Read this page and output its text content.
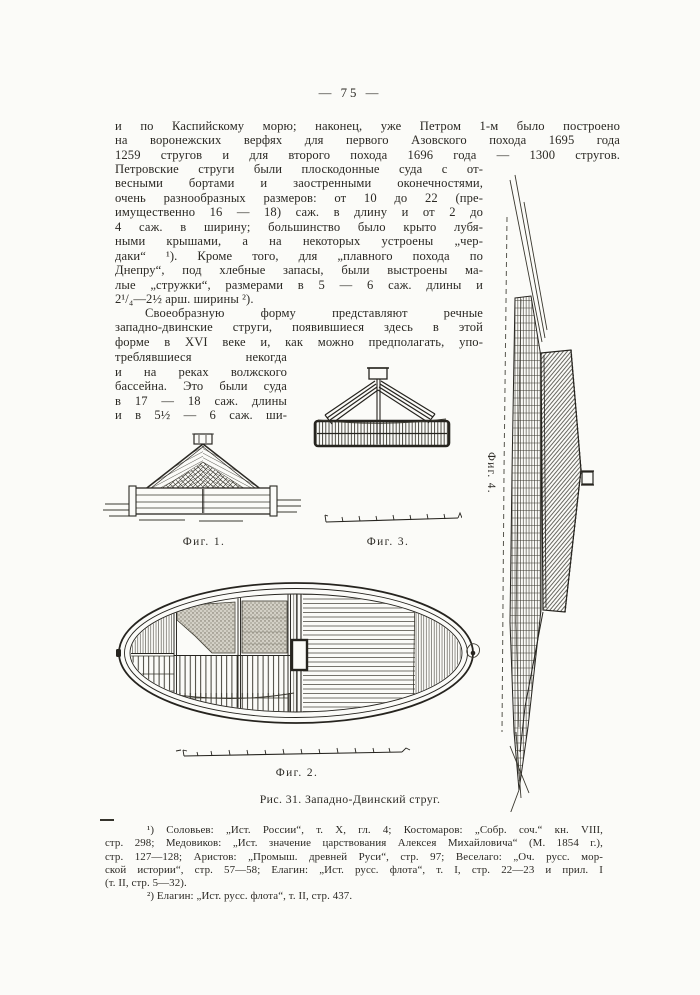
— 75 —
и по Каспийскому морю; наконец, уже Петром 1-м было построено
на воронежских верфях для первого Азовского похода 1695 года
1259 стругов и для второго похода 1696 года — 1300 стругов.
Петровские струги были плоскодонные суда с от-
весными бортами и заостренными оконечностями,
очень разнообразных размеров: от 10 до 22 (пре-
имущественно 16 — 18) саж. в длину и от 2 до
4 саж. в ширину; большинство было крыто лубя-
ными крышами, а на некоторых устроены „чер-
даки“ ¹). Кроме того, для „плавного похода по
Днепру“, под хлебные запасы, были выстроены ма-
лые „стружки“, размерами в 5 — 6 саж. длины и
2¹/₄—2½ арш. ширины ²).
Своеобразную форму представляют речные
западно-двинские струги, появившиеся здесь в этой
форме в XVI веке и, как можно предполагать, упо-
треблявшиеся некогда
и на реках волжского
бассейна. Это были суда
в 17 — 18 саж. длины
и в 5½ — 6 саж. ши-
Фиг. 1.	Фиг. 3.
Фиг. 2.
Рис. 31. Западно-Двинский струг.
Фиг. 4.
¹) Соловьев: „Ист. России“, т. X, гл. 4; Костомаров: „Собр. соч.“ кн. VIII,
стр. 298; Медовиков: „Ист. значение царствования Алексея Михайловича“ (М. 1854 г.),
стр. 127—128; Аристов: „Промыш. древней Руси“, стр. 97; Веселаго: „Оч. русс. мор-
ской истории“, стр. 57—58; Елагин: „Ист. русс. флота“, т. I, стр. 22—23 и прил. I
(т. II, стр. 5—32).
²) Елагин: „Ист. русс. флота“, т. II, стр. 437.
